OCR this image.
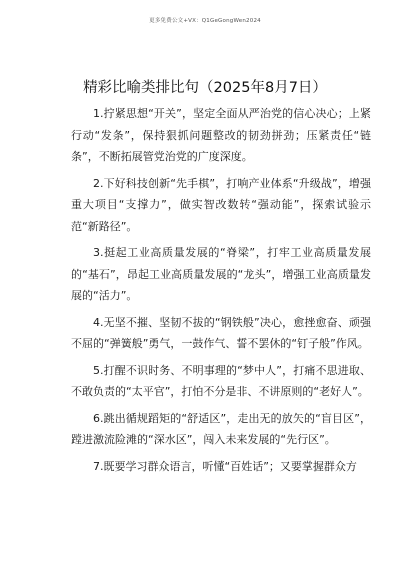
更多免费公文+VX：Q1GeGongWen2024
精彩比喻类排比句（2025年8月7日）

1.拧紧思想“开关”，坚定全面从严治党的信心决心；上紧行动“发条”，保持狠抓问题整改的韧劲拼劲；压紧责任“链条”，不断拓展管党治党的广度深度。

2.下好科技创新“先手棋”，打响产业体系“升级战”，增强重大项目“支撑力”，做实智改数转“强动能”，探索试验示范“新路径”。

3.挺起工业高质量发展的“脊梁”，打牢工业高质量发展的“基石”，昂起工业高质量发展的“龙头”，增强工业高质量发展的“活力”。

4.无坚不摧、坚韧不拔的“钢铁般”决心，愈挫愈奋、顽强不屈的“弹簧般”勇气，一鼓作气、誓不罢休的“钉子般”作风。

5.打醒不识时务、不明事理的“梦中人”，打痛不思进取、不敢负责的“太平官”，打怕不分是非、不讲原则的“老好人”。

6.跳出循规蹈矩的“舒适区”，走出无的放矢的“盲目区”，蹚进激流险滩的“深水区”，闯入未来发展的“先行区”。

7.既要学习群众语言，听懂“百姓话”；又要掌握群众方
